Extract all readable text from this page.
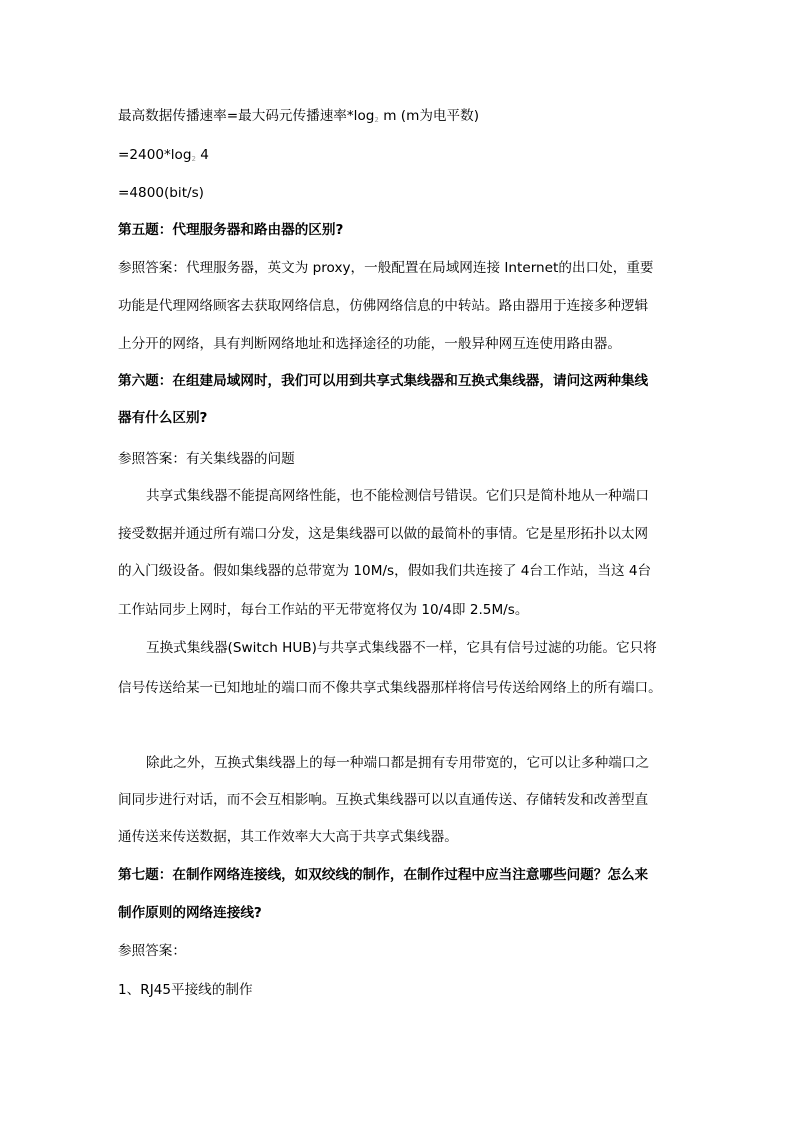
最高数据传播速率=最大码元传播速率$*\log_2$ m (m为电平数)
$=2400*\log_2$ 4
=4800(bit/s)
第五题：代理服务器和路由器的区别?
参照答案：代理服务器，英文为 proxy，一般配置在局域网连接 Internet的出口处，重要
功能是代理网络顾客去获取网络信息，仿佛网络信息的中转站。路由器用于连接多种逻辑
上分开的网络，具有判断网络地址和选择途径的功能，一般异种网互连使用路由器。
第六题：在组建局域网时，我们可以用到共享式集线器和互换式集线器，请问这两种集线
器有什么区别?
参照答案：有关集线器的问题
共享式集线器不能提高网络性能，也不能检测信号错误。它们只是简朴地从一种端口
接受数据并通过所有端口分发，这是集线器可以做的最简朴的事情。它是星形拓扑以太网
的入门级设备。假如集线器的总带宽为 10M/s，假如我们共连接了 4台工作站，当这 4台
工作站同步上网时，每台工作站的平无带宽将仅为 10/4即 2.5M/s。
互换式集线器(Switch HUB)与共享式集线器不一样，它具有信号过滤的功能。它只将
信号传送给某一已知地址的端口而不像共享式集线器那样将信号传送给网络上的所有端口。
除此之外，互换式集线器上的每一种端口都是拥有专用带宽的，它可以让多种端口之
间同步进行对话，而不会互相影响。互换式集线器可以以直通传送、存储转发和改善型直
通传送来传送数据，其工作效率大大高于共享式集线器。
第七题：在制作网络连接线，如双绞线的制作，在制作过程中应当注意哪些问题？怎么来
制作原则的网络连接线?
参照答案：
1、RJ45平接线的制作
